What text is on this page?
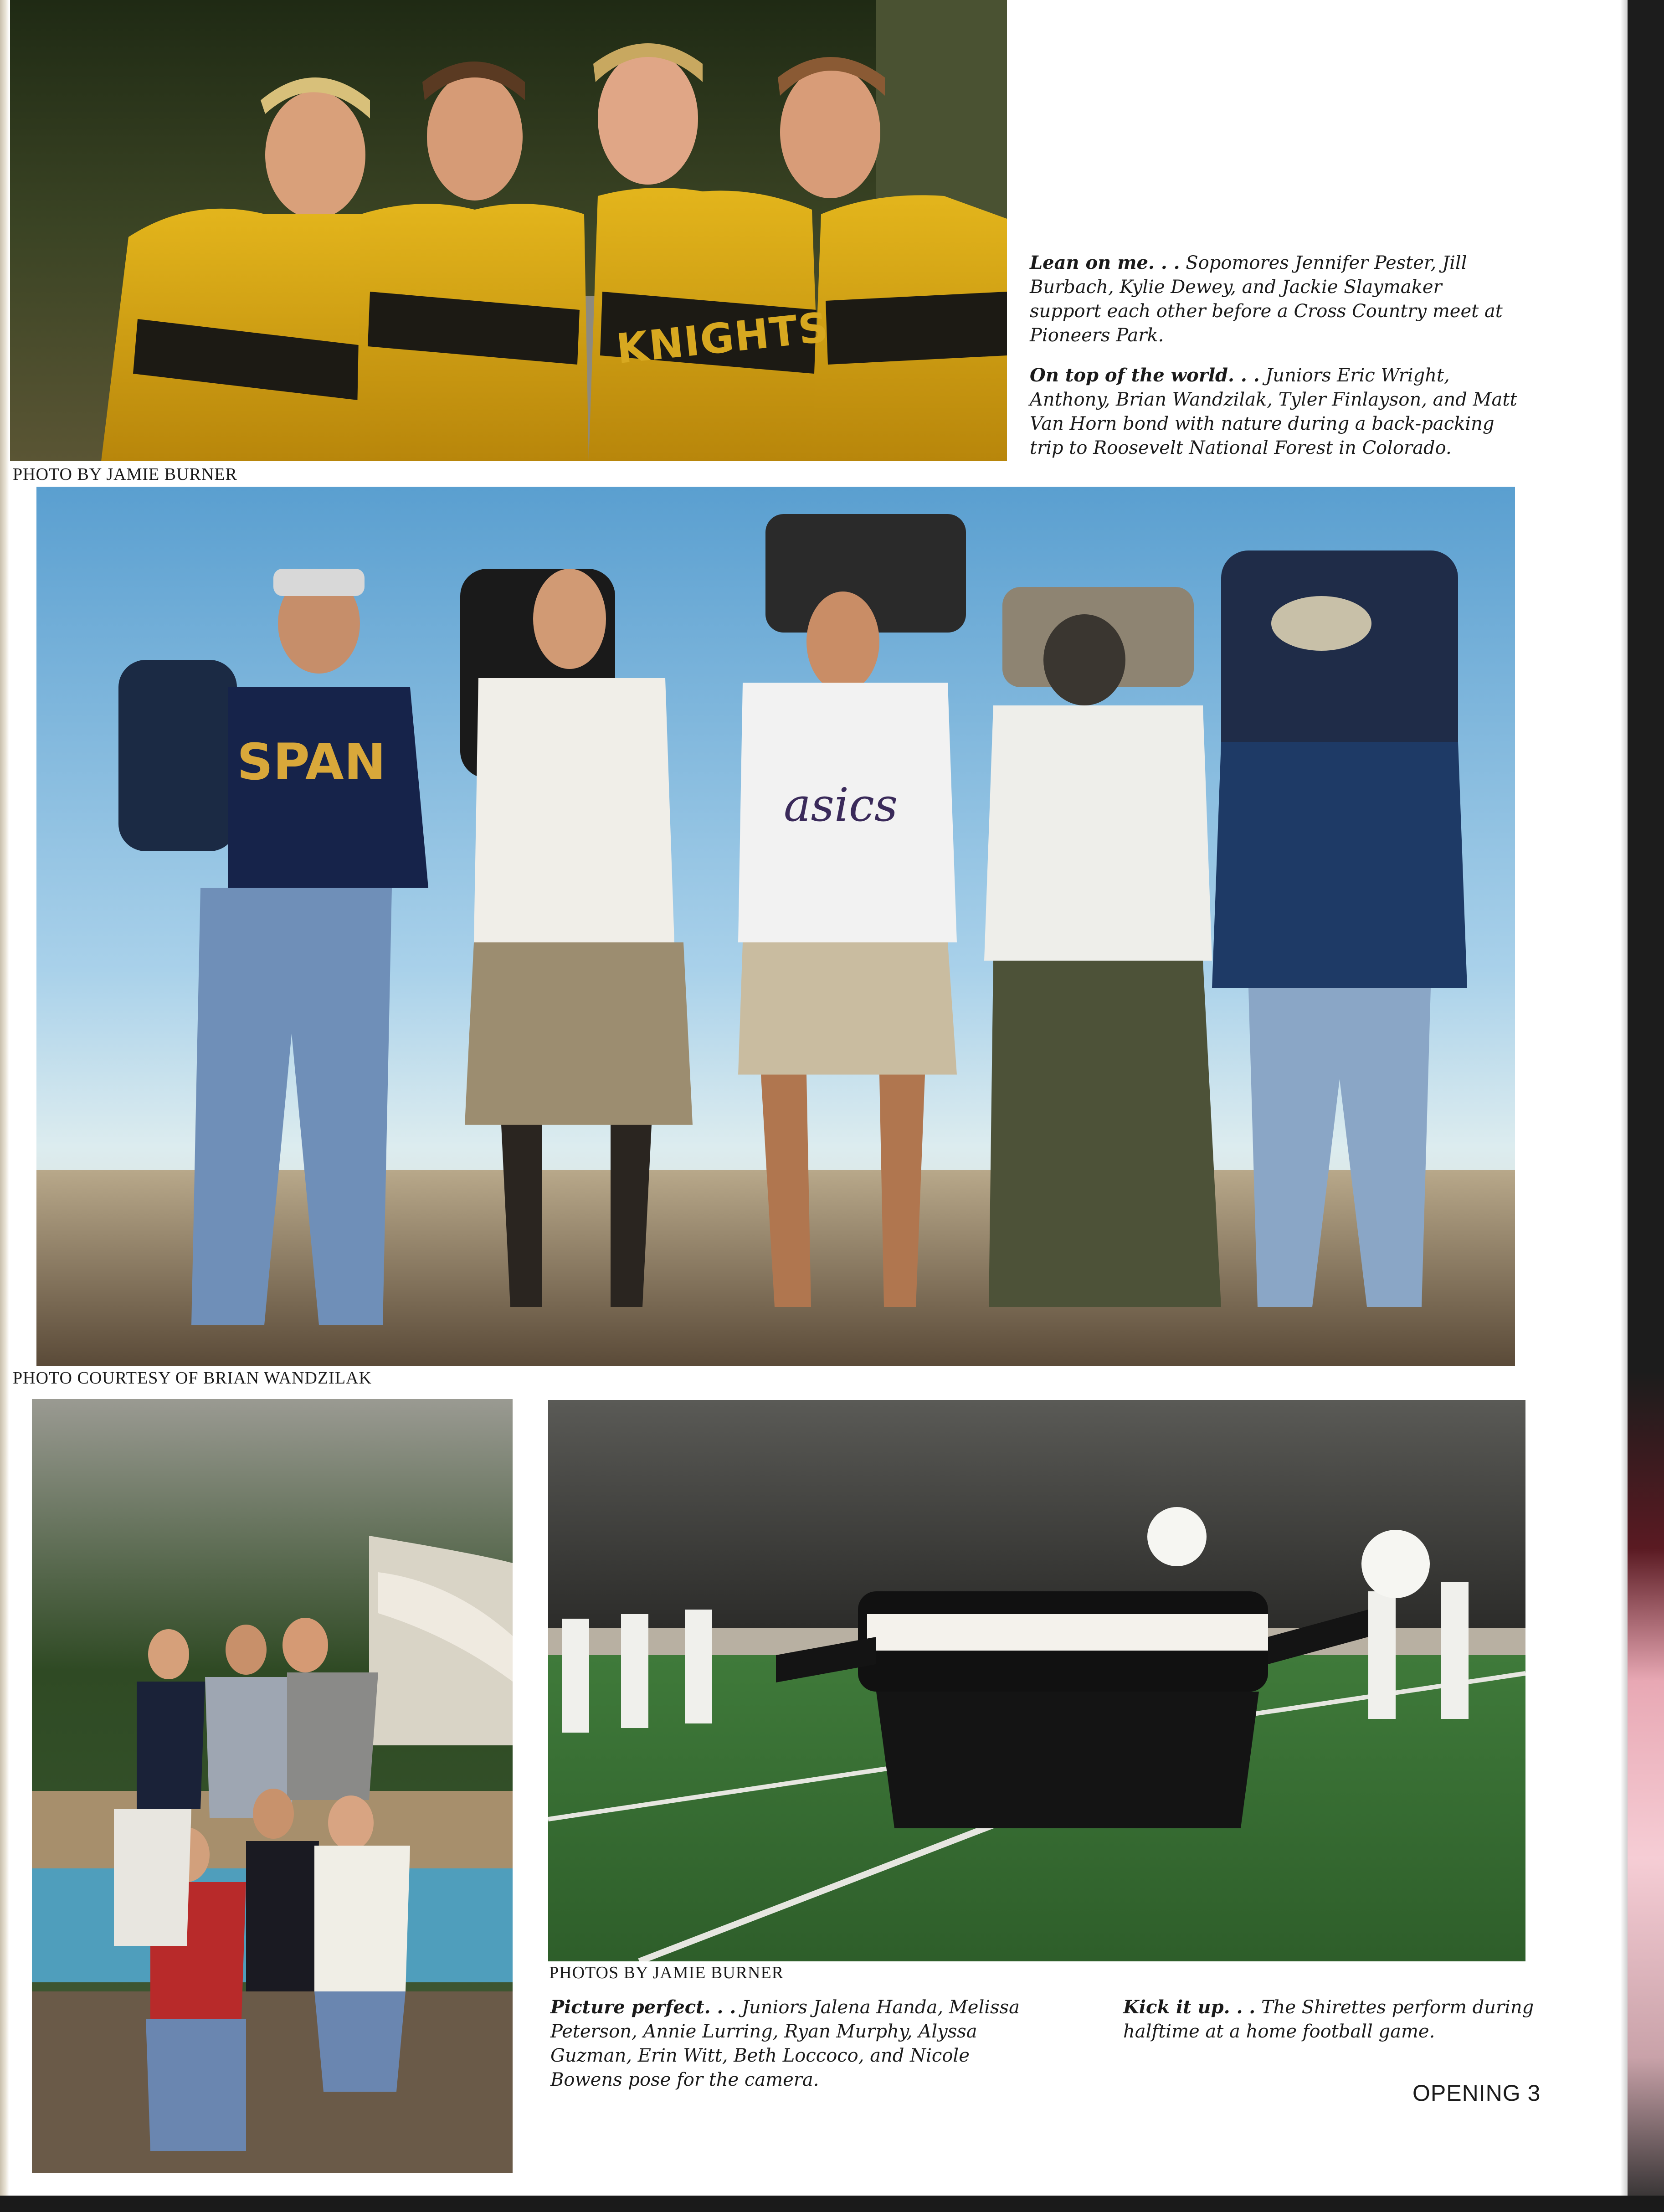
KNIGHTS
PHOTO BY JAMIE BURNER

Lean on me. . . Sopomores Jennifer Pester, Jill Burbach, Kylie Dewey, and Jackie Slaymaker support each other before a Cross Country meet at Pioneers Park.

On top of the world. . . Juniors Eric Wright, Anthony, Brian Wandzilak, Tyler Finlayson, and Matt Van Horn bond with nature during a back-packing trip to Roosevelt National Forest in Colorado.

SPAN
asics
PHOTO COURTESY OF BRIAN WANDZILAK
PHOTOS BY JAMIE BURNER

Picture perfect. . . Juniors Jalena Handa, Melissa Peterson, Annie Lurring, Ryan Murphy, Alyssa Guzman, Erin Witt, Beth Loccoco, and Nicole Bowens pose for the camera.

Kick it up. . . The Shirettes perform during halftime at a home football game.

OPENING 3
